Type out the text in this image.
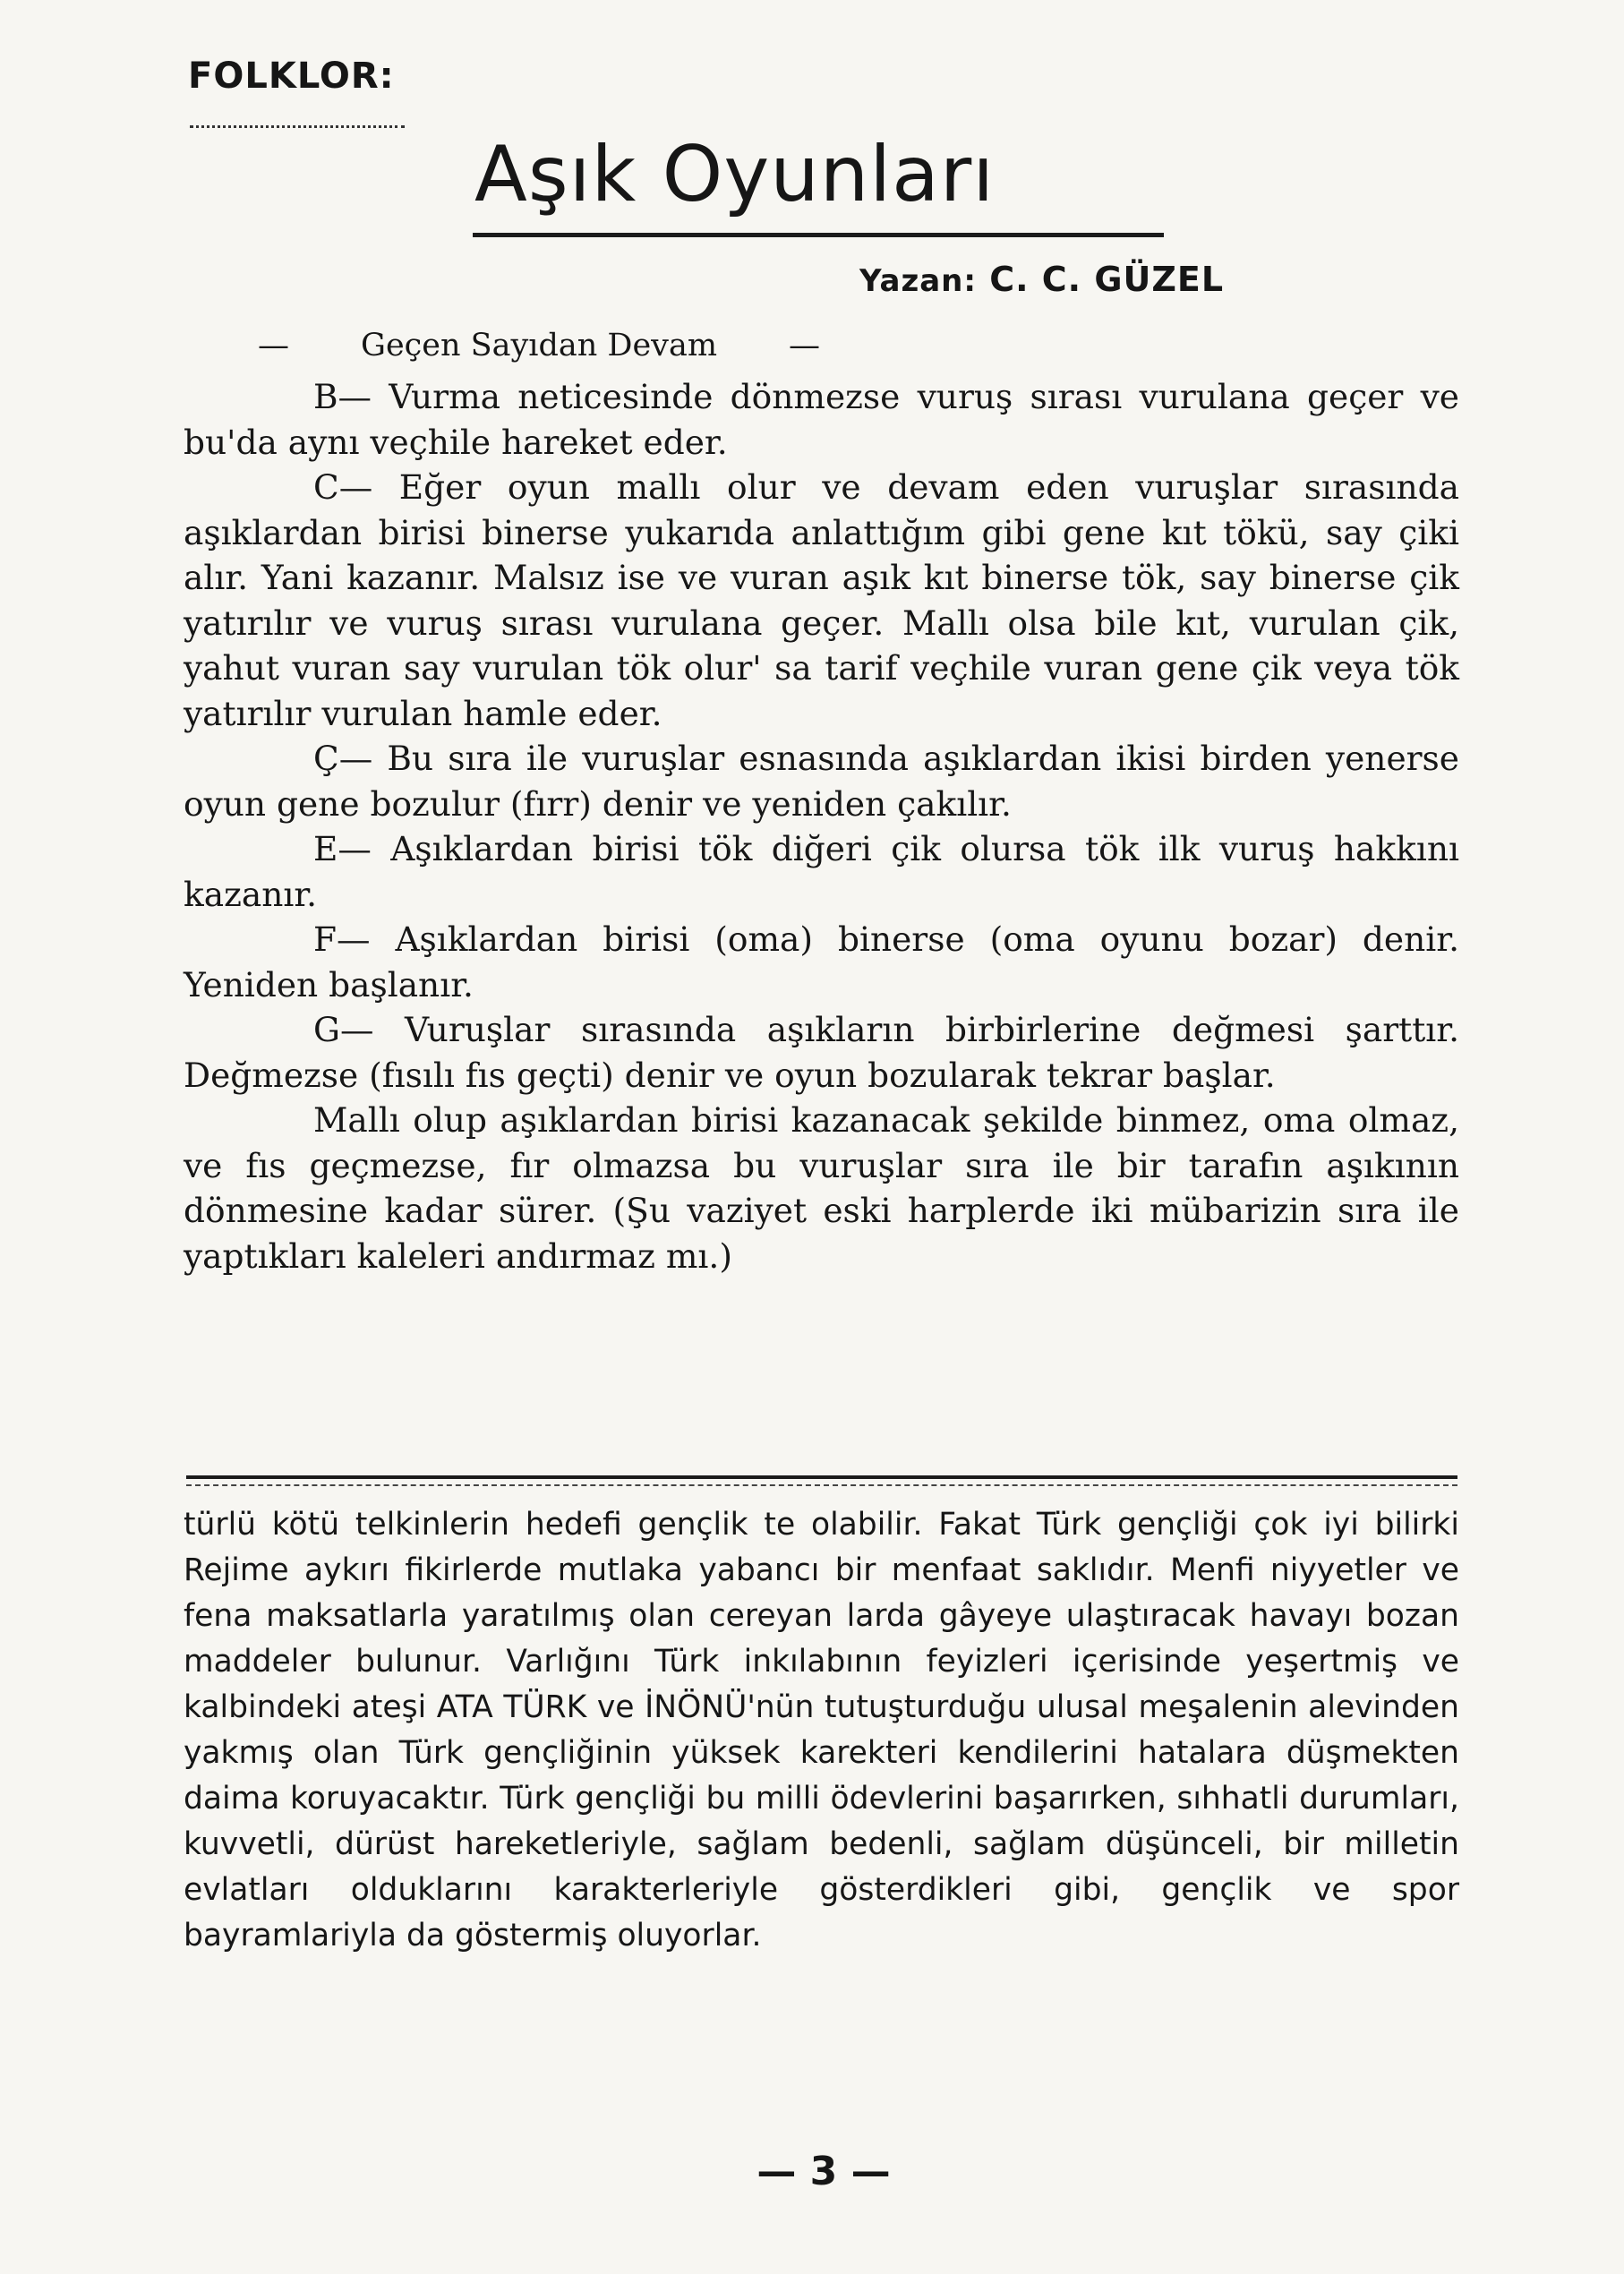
FOLKLOR:
Aşık Oyunları
Yazan: C. C. GÜZEL
— Geçen Sayıdan Devam —

B— Vurma neticesinde dönmezse vuruş sırası vurulana geçer ve bu'da aynı veçhile hareket eder.

C— Eğer oyun mallı olur ve devam eden vuruşlar sırasında aşıklardan birisi binerse yukarıda anlattığım gibi gene kıt tökü, say çiki alır. Yani kazanır. Malsız ise ve vuran aşık kıt binerse tök, say binerse çik yatırılır ve vuruş sırası vurulana geçer. Mallı olsa bile kıt, vurulan çik, yahut vuran say vurulan tök olur' sa tarif veçhile vuran gene çik veya tök yatırılır vurulan hamle eder.

Ç— Bu sıra ile vuruşlar esnasında aşıklardan ikisi birden yenerse oyun gene bozulur (fırr) denir ve yeniden çakılır.

E— Aşıklardan birisi tök diğeri çik olursa tök ilk vuruş hakkını kazanır.

F— Aşıklardan birisi (oma) binerse (oma oyunu bozar) denir. Yeniden başlanır.

G— Vuruşlar sırasında aşıkların birbirlerine değmesi şarttır. Değmezse (fısılı fıs geçti) denir ve oyun bozularak tekrar başlar.

Mallı olup aşıklardan birisi kazanacak şekilde binmez, oma olmaz, ve fıs geçmezse, fır olmazsa bu vuruşlar sıra ile bir tarafın aşıkının dönmesine kadar sürer. (Şu vaziyet eski harplerde iki mübarizin sıra ile yaptıkları kaleleri andırmaz mı.)

türlü kötü telkinlerin hedefi gençlik te olabilir. Fakat Türk gençliği çok iyi bilirki Rejime aykırı fikirlerde mutlaka yabancı bir menfaat saklıdır. Menfi niyyetler ve fena maksatlarla yaratılmış olan cereyan larda gâyeye ulaştıracak havayı bozan maddeler bulunur. Varlığını Türk inkılabının feyizleri içerisinde yeşertmiş ve kalbindeki ateşi ATA TÜRK ve İNÖNÜ'nün tutuşturduğu ulusal meşalenin alevinden yakmış olan Türk gençliğinin yüksek karekteri kendilerini hatalara düşmekten daima koruyacaktır. Türk gençliği bu milli ödevlerini başarırken, sıhhatli durumları, kuvvetli, dürüst hareketleriyle, sağlam bedenli, sağlam düşünceli, bir milletin evlatları olduklarını karakterleriyle gösterdikleri gibi, gençlik ve spor bayramlariyla da göstermiş oluyorlar.

— 3 —
